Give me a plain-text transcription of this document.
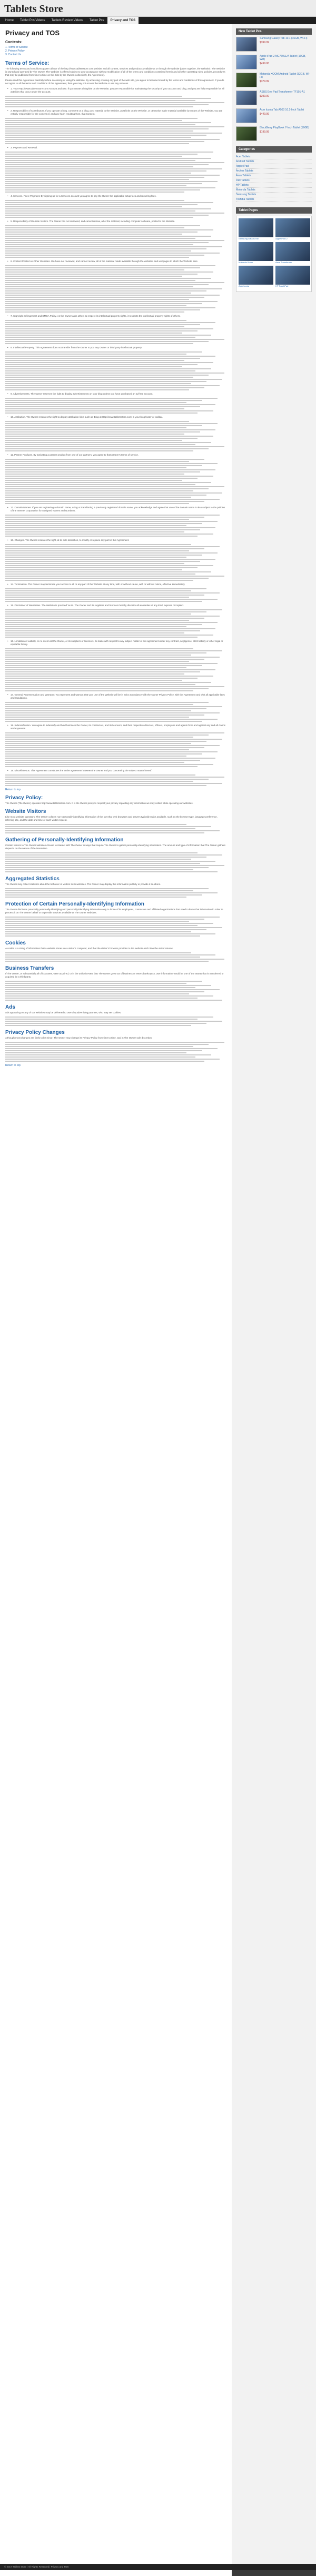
Tablets Store
Home	Tablet Pcs Videos	Tablets Review Videos	Tablet Pcs	Privacy and TOS
Privacy and TOS
Contents:
1. Terms of Service
2. Privacy Policy
3. Contact Us
Terms of Service:

The following terms and conditions govern all use of the http://www.tabletsstore.com website and all content, services and products available at or through the website (taken together, the Website). The Website is owned and operated by The Owner. The Website is offered subject to your acceptance without modification of all of the terms and conditions contained herein and all other operating rules, policies, procedures that may be published from time to time on this Site by the Owner (collectively, the Agreement).

Please read this Agreement carefully before accessing or using the Website. By accessing or using any part of the web site, you agree to become bound by the terms and conditions of this agreement. If you do not agree to all the terms and conditions of this agreement, then you may not access the Website or use any services.

• 1. Your Http://www.tabletsstore.com Account and Site. If you create a blog/site on the Website, you are responsible for maintaining the security of your account and blog, and you are fully responsible for all activities that occur under the account.
• 2. Responsibility of Contributors. If you operate a blog, comment on a blog, post material to the Website, post links on the Website, or otherwise make material available by means of the Website, you are entirely responsible for the content of, and any harm resulting from, that Content.
• 3. Payment and Renewal.
• 4. Services. Fees; Payment. By signing up for a Services account you agree to pay the Owner the applicable setup fees and recurring fees.
• 5. Responsibility of Website Visitors. The Owner has not reviewed, and cannot review, all of the material, including computer software, posted to the Website.
• 6. Content Posted on Other Websites. We have not reviewed, and cannot review, all of the material made available through the websites and webpages to which the Website links.
• 7. Copyright Infringement and DMCA Policy. As the Owner asks others to respect its intellectual property rights, it respects the intellectual property rights of others.
• 8. Intellectual Property. This Agreement does not transfer from the Owner to you any Owner or third party intellectual property.
• 9. Advertisements. The Owner reserves the right to display advertisements on your blog unless you have purchased an ad-free account.
• 10. Attribution. The Owner reserves the right to display attribution links such as 'Blog at Http://www.tabletsstore.com' in your blog footer or toolbar.
• 11. Partner Products. By activating a partner product from one of our partners, you agree to that partner's terms of service.
• 12. Domain Names. If you are registering a domain name, using or transferring a previously registered domain name, you acknowledge and agree that use of the domain name is also subject to the policies of the Internet Corporation for Assigned Names and Numbers.
• 13. Changes. The Owner reserves the right, at its sole discretion, to modify or replace any part of this Agreement.
• 14. Termination. The Owner may terminate your access to all or any part of the Website at any time, with or without cause, with or without notice, effective immediately.
• 15. Disclaimer of Warranties. The Website is provided 'as is'. The Owner and its suppliers and licensors hereby disclaim all warranties of any kind, express or implied.
• 16. Limitation of Liability. In no event will the Owner, or its suppliers or licensors, be liable with respect to any subject matter of this agreement under any contract, negligence, strict liability or other legal or equitable theory.
• 17. General Representation and Warranty. You represent and warrant that your use of the Website will be in strict accordance with the Owner Privacy Policy, with this Agreement and with all applicable laws and regulations.
• 18. Indemnification. You agree to indemnify and hold harmless the Owner, its contractors, and its licensors, and their respective directors, officers, employees and agents from and against any and all claims and expenses.
• 19. Miscellaneous. This Agreement constitutes the entire agreement between the Owner and you concerning the subject matter hereof.
Return to top
Privacy Policy:

The Owner (The Owner) operates http://www.tabletsstore.com. It is the Owner policy to respect your privacy regarding any information we may collect while operating our websites.

Website Visitors

Like most website operators, The Owner collects non-personally-identifying information of the sort that web browsers and servers typically make available, such as the browser type, language preference, referring site, and the date and time of each visitor request.

Gathering of Personally-Identifying Information

Certain visitors to The Owner websites choose to interact with The Owner in ways that require The Owner to gather personally-identifying information. The amount and type of information that The Owner gathers depends on the nature of the interaction.

Aggregated Statistics

The Owner may collect statistics about the behavior of visitors to its websites. The Owner may display this information publicly or provide it to others.

Protection of Certain Personally-Identifying Information

The Owner discloses potentially personally-identifying and personally-identifying information only to those of its employees, contractors and affiliated organizations that need to know that information in order to process it on The Owner behalf or to provide services available at The Owner websites.

Cookies

A cookie is a string of information that a website stores on a visitor's computer, and that the visitor's browser provides to the website each time the visitor returns.

Business Transfers

If The Owner, or substantially all of its assets, were acquired, or in the unlikely event that The Owner goes out of business or enters bankruptcy, user information would be one of the assets that is transferred or acquired by a third party.

Ads

Ads appearing on any of our websites may be delivered to users by advertising partners, who may set cookies.

Privacy Policy Changes

Although most changes are likely to be minor, The Owner may change its Privacy Policy from time to time, and in The Owner sole discretion.

Return to top
New Tablet Pcs
Samsung Galaxy Tab 10.1 (16GB, Wi-Fi)
$399.99
Apple iPad 2 MC769LL/A Tablet (16GB, Wifi)
$499.00
Motorola XOOM Android Tablet (32GB, Wi-Fi)
$379.99
ASUS Eee Pad Transformer TF101-A1
$399.00
Acer Iconia Tab A500 10.1-Inch Tablet
$449.99
BlackBerry PlayBook 7-Inch Tablet (16GB)
$199.99
Categories
Acer Tablets
Android Tablets
Apple iPad
Archos Tablets
Asus Tablets
Dell Tablets
HP Tablets
Motorola Tablets
Samsung Tablets
Toshiba Tablets
Tablet Pages
Samsung Galaxy Tab	Apple iPad 2
Motorola Xoom	Asus Transformer
Acer Iconia	HP TouchPad
© 2017 Tablets Store | All Rights Reserved | Privacy and TOS
